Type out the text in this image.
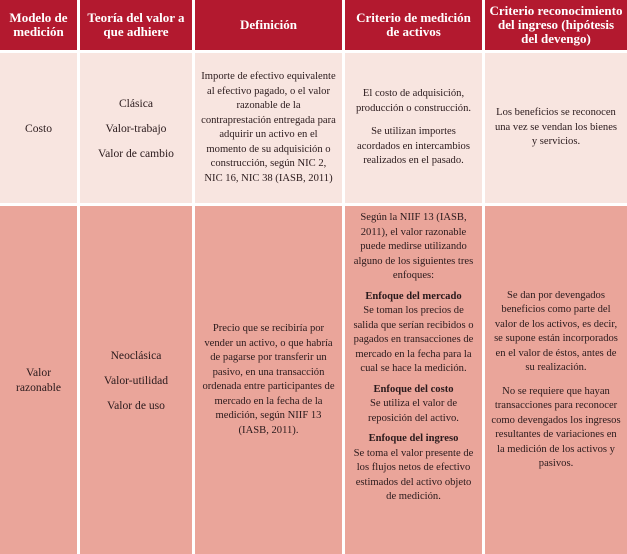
Modelo de medición
Teoría del valor a que adhiere	Definición	Criterio de medición de activos
Criterio reconocimiento del ingreso (hipótesis del devengo)
Costo
Clásica
Valor-trabajo
Valor de cambio
Importe de efectivo equivalente al efectivo pagado, o el valor razonable de la contraprestación entregada para adquirir un activo en el momento de su adquisición o construcción, según NIC 2, NIC 16, NIC 38 (IASB, 2011)
El costo de adquisición, producción o construcción.
Se utilizan importes acordados en intercambios realizados en el pasado.
Los beneficios se reconocen una vez se vendan los bienes y servicios.
Valor razonable
Neoclásica
Valor-utilidad
Valor de uso
Precio que se recibiría por vender un activo, o que habría de pagarse por transferir un pasivo, en una transacción ordenada entre participantes de mercado en la fecha de la medición, según NIIF 13 (IASB, 2011).
Según la NIIF 13 (IASB, 2011), el valor razonable puede medirse utilizando alguno de los siguientes tres enfoques:
Enfoque del mercado
Se toman los precios de salida que serían recibidos o pagados en transacciones de mercado en la fecha para la cual se hace la medición.
Enfoque del costo
Se utiliza el valor de reposición del activo.
Enfoque del ingreso
Se toma el valor presente de los flujos netos de efectivo estimados del activo objeto de medición.
Se dan por devengados beneficios como parte del valor de los activos, es decir, se supone están incorporados en el valor de éstos, antes de su realización.
No se requiere que hayan transacciones para reconocer como devengados los ingresos resultantes de variaciones en la medición de los activos y pasivos.
